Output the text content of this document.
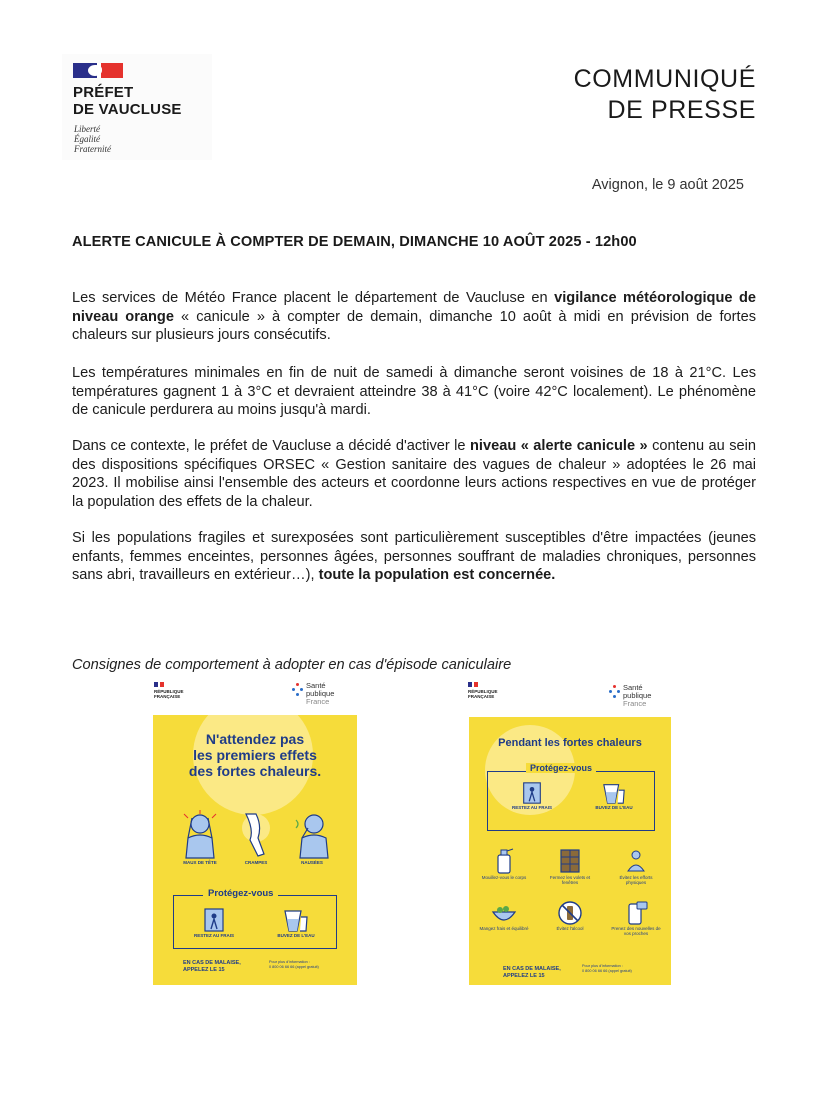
PRÉFET
DE VAUCLUSE
Liberté
Égalité
Fraternité
COMMUNIQUÉ
DE PRESSE
Avignon, le 9 août 2025
ALERTE CANICULE À COMPTER DE DEMAIN, DIMANCHE 10 AOÛT 2025 - 12h00
Les services de Météo France placent le département de Vaucluse en vigilance météorologique de niveau orange « canicule » à compter de demain, dimanche 10 août à midi en prévision de fortes chaleurs sur plusieurs jours consécutifs.
Les températures minimales en fin de nuit de samedi à dimanche seront voisines de 18 à 21°C. Les températures gagnent 1 à 3°C et devraient atteindre 38 à 41°C (voire 42°C localement). Le phénomène de canicule perdurera au moins jusqu'à mardi.
Dans ce contexte, le préfet de Vaucluse a décidé d'activer le niveau « alerte canicule » contenu au sein des dispositions spécifiques ORSEC « Gestion sanitaire des vagues de chaleur » adoptées le 26 mai 2023. Il mobilise ainsi l'ensemble des acteurs et coordonne leurs actions respectives en vue de protéger la population des effets de la chaleur.
Si les populations fragiles et surexposées sont particulièrement susceptibles d'être impactées (jeunes enfants, femmes enceintes, personnes âgées, personnes souffrant de maladies chroniques, personnes sans abri, travailleurs en extérieur…), toute la population est concernée.
Consignes de comportement à adopter en cas d'épisode caniculaire
RÉPUBLIQUE
FRANÇAISE
Santé
publique
France
N'attendez pas
les premiers effets
des fortes chaleurs.
MAUX DE TÊTE	CRAMPES	NAUSÉES
Protégez-vous
RESTEZ AU FRAIS	BUVEZ DE L'EAU
EN CAS DE MALAISE,
APPELEZ LE 15
Pour plus d'information :
0 800 06 66 66 (appel gratuit)
RÉPUBLIQUE
FRANÇAISE
Santé
publique
France
Pendant les fortes chaleurs
Protégez-vous
RESTEZ AU FRAIS	BUVEZ DE L'EAU
Mouillez-vous le corps	Fermez les volets et fenêtres
Évitez les efforts physiques
Mangez frais et équilibré	Évitez l'alcool	Prenez des nouvelles de vos proches
EN CAS DE MALAISE,
APPELEZ LE 15
Pour plus d'information :
0 800 06 66 66 (appel gratuit)
